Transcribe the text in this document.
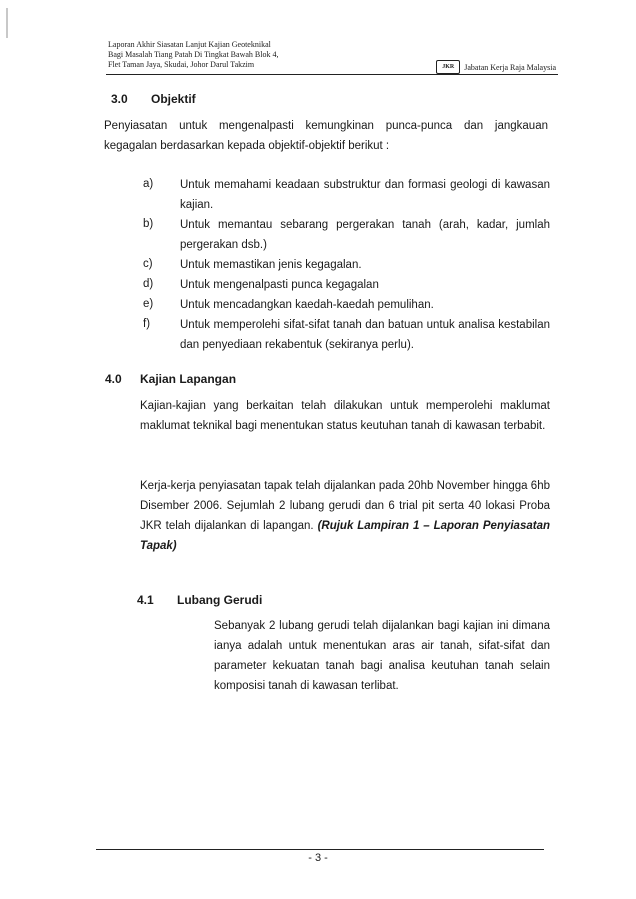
Laporan Akhir Siasatan Lanjut Kajian Geoteknikal
Bagi Masalah Tiang Patah Di Tingkat Bawah Blok 4,
Flet Taman Jaya, Skudai, Johor Darul Takzim	JKR	Jabatan Kerja Raja Malaysia
3.0 Objektif

Penyiasatan untuk mengenalpasti kemungkinan punca-punca dan jangkauan kegagalan berdasarkan kepada objektif-objektif berikut :

a) Untuk memahami keadaan substruktur dan formasi geologi di kawasan kajian.

b) Untuk memantau sebarang pergerakan tanah (arah, kadar, jumlah pergerakan dsb.)

c) Untuk memastikan jenis kegagalan.

d) Untuk mengenalpasti punca kegagalan

e) Untuk mencadangkan kaedah-kaedah pemulihan.

f)	Untuk memperolehi sifat-sifat tanah dan batuan untuk analisa kestabilan dan penyediaan rekabentuk (sekiranya perlu).

4.0 Kajian Lapangan

Kajian-kajian yang berkaitan telah dilakukan untuk memperolehi maklumat maklumat teknikal bagi menentukan status keutuhan tanah di kawasan terbabit.

Kerja-kerja penyiasatan tapak telah dijalankan pada 20hb November hingga 6hb Disember 2006. Sejumlah 2 lubang gerudi dan 6 trial pit serta 40 lokasi Proba JKR telah dijalankan di lapangan. (Rujuk Lampiran 1 – Laporan Penyiasatan Tapak)

4.1 Lubang Gerudi

Sebanyak 2 lubang gerudi telah dijalankan bagi kajian ini dimana ianya adalah untuk menentukan aras air tanah, sifat-sifat dan parameter kekuatan tanah bagi analisa keutuhan tanah selain komposisi tanah di kawasan terlibat.

- 3 -
